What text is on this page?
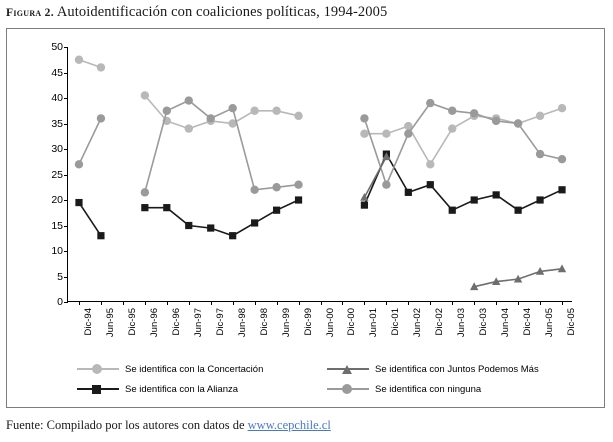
Figura 2. Autoidentificación con coaliciones políticas, 1994-2005
0
5
10
15
20
25
30
35
40
45
50
Dic-94 Jun-95 Dic-95 Jun-96 Dic-96 Jun-97 Dic-97 Jun-98 Dic-98 Jun-99 Dic-99 Jun-00 Dic-00 Jun-01 Dic-01 Jun-02 Dic-02 Jun-03 Dic-03 Jun-04 Dic-04 Jun-05 Dic-05
Se identifica con la Concertación	Se identifica con Juntos Podemos Más
Se identifica con la Alianza	Se identifica con ninguna
Fuente: Compilado por los autores con datos de www.cepchile.cl
